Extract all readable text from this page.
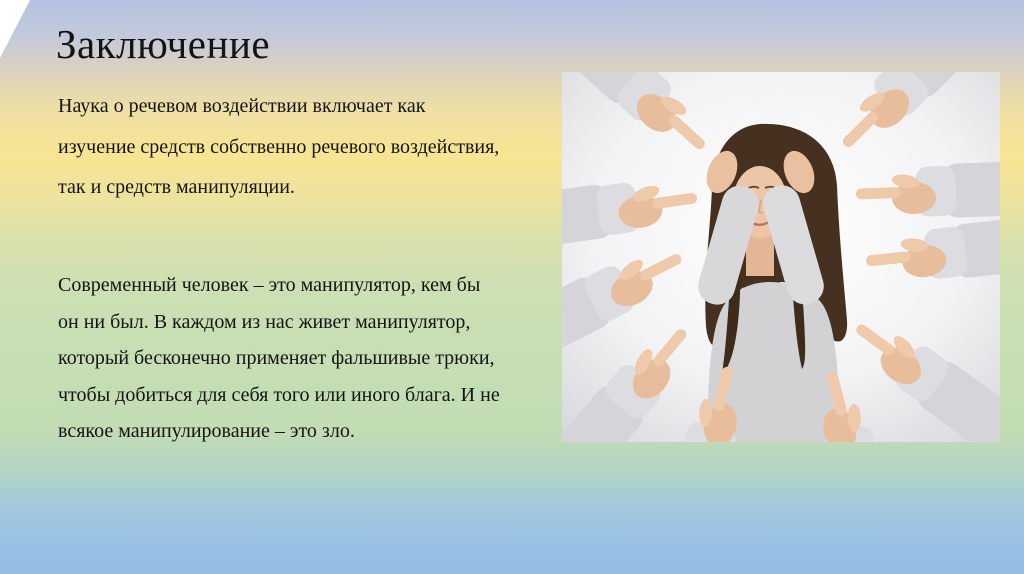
Заключение
Наука о речевом воздействии включает как
изучение средств собственно речевого воздействия,
так и средств манипуляции.
Современный человек – это манипулятор, кем бы
он ни был. В каждом из нас живет манипулятор,
который бесконечно применяет фальшивые трюки,
чтобы добиться для себя того или иного блага. И не
всякое манипулирование – это зло.
